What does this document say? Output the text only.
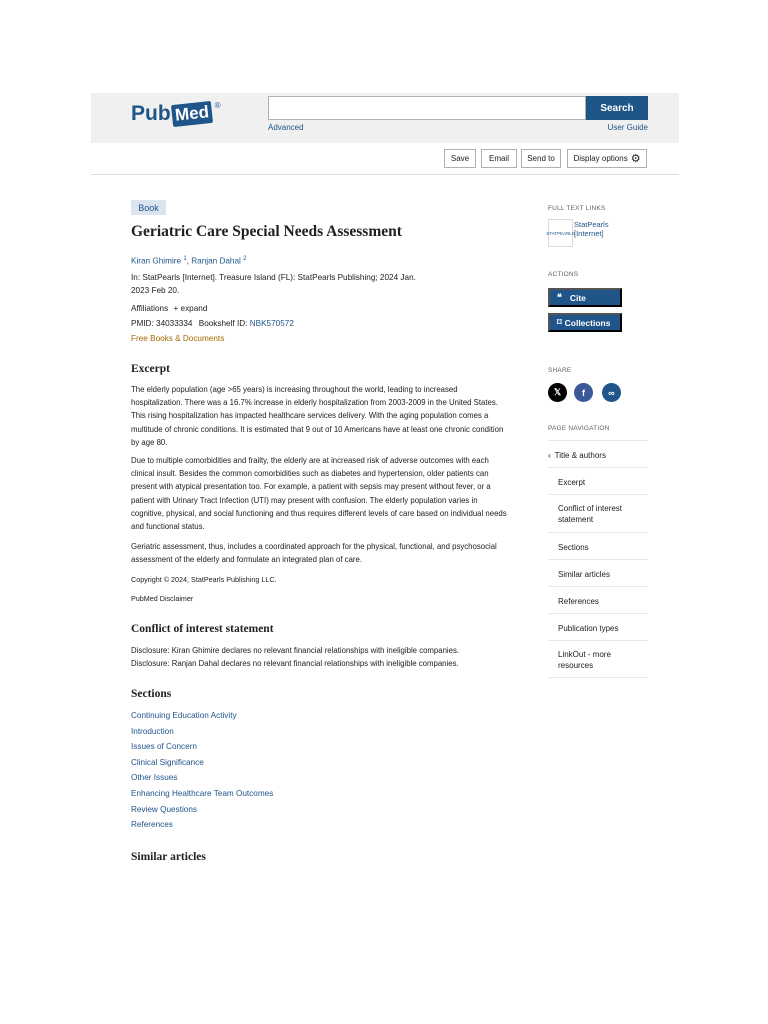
Pub Med ®	Search
Advanced	User Guide
Save	Email	Send to	Display options ⚙
Book
Geriatric Care Special Needs Assessment
Kiran Ghimire $^1$, Ranjan Dahal $^2$
In: StatPearls [Internet]. Treasure Island (FL): StatPearls Publishing; 2024 Jan.
2023 Feb 20.
Affiliations + expand
PMID: 34033334 Bookshelf ID: NBK570572
Free Books & Documents
Excerpt

The elderly population (age >65 years) is increasing throughout the world, leading to increased hospitalization. There was a 16.7% increase in elderly hospitalization from 2003-2009 in the United States. This rising hospitalization has impacted healthcare services delivery. With the aging population comes a multitude of chronic conditions. It is estimated that 9 out of 10 Americans have at least one chronic condition by age 80.

Due to multiple comorbidities and frailty, the elderly are at increased risk of adverse outcomes with each clinical insult. Besides the common comorbidities such as diabetes and hypertension, older patients can present with atypical presentation too. For example, a patient with sepsis may present without fever, or a patient with Urinary Tract Infection (UTI) may present with confusion. The elderly population varies in cognitive, physical, and social functioning and thus requires different levels of care based on individual needs and functional status.

Geriatric assessment, thus, includes a coordinated approach for the physical, functional, and psychosocial assessment of the elderly and formulate an integrated plan of care.

Copyright © 2024, StatPearls Publishing LLC.
PubMed Disclaimer
Conflict of interest statement

Disclosure: Kiran Ghimire declares no relevant financial relationships with ineligible companies.

Disclosure: Ranjan Dahal declares no relevant financial relationships with ineligible companies.

Sections
Continuing Education Activity
Introduction
Issues of Concern
Clinical Significance
Other Issues
Enhancing Healthcare Team Outcomes
Review Questions
References
Similar articles
FULL TEXT LINKS
STATPEARLS
StatPearls
[Internet]
ACTIONS
❝ Cite
⌑ Collections
SHARE
𝕏	f	∞
PAGE NAVIGATION
‹ Title & authors
Excerpt
Conflict of interest
statement
Sections
Similar articles
References
Publication types
LinkOut - more
resources
